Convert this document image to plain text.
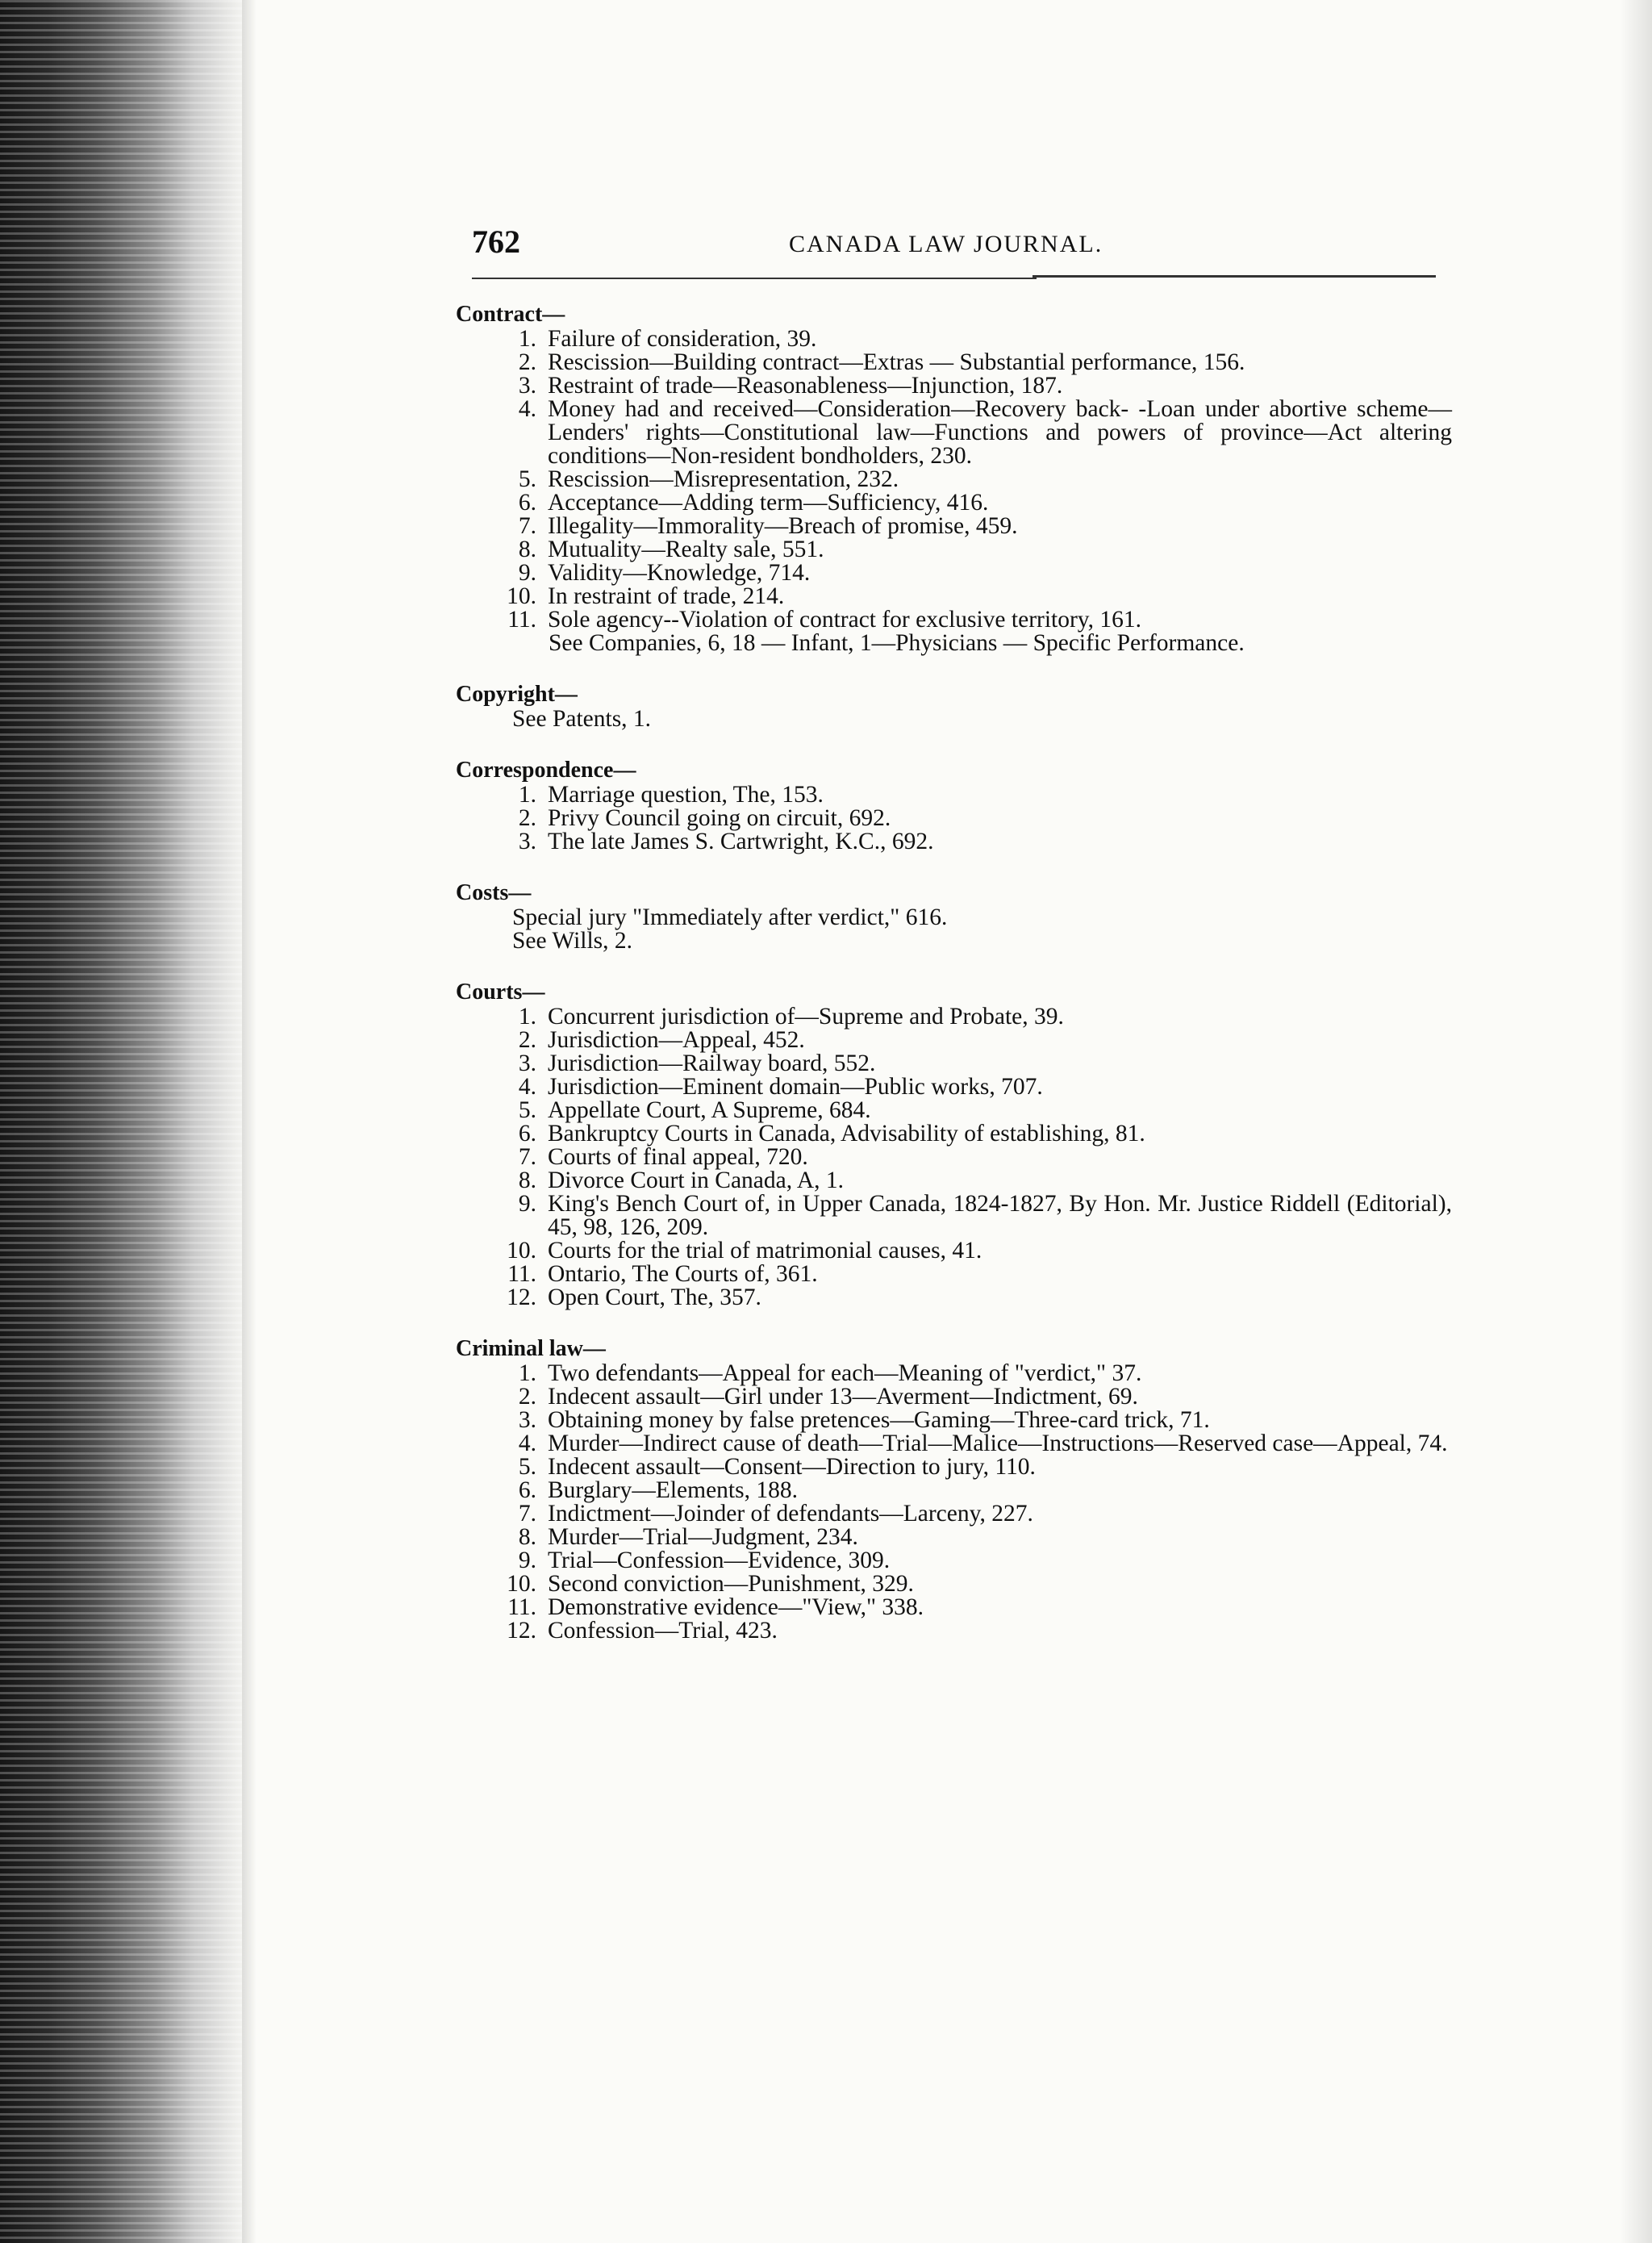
762	CANADA LAW JOURNAL.
Contract—
1. Failure of consideration, 39.
2. Rescission—Building contract—Extras — Substantial performance, 156.
3. Restraint of trade—Reasonableness—Injunction, 187.
4. Money had and received—Consideration—Recovery back- -Loan under abortive scheme—Lenders' rights—Constitutional law—Functions and powers of province—Act altering conditions—Non-resident bondholders, 230.
5. Rescission—Misrepresentation, 232.
6. Acceptance—Adding term—Sufficiency, 416.
7. Illegality—Immorality—Breach of promise, 459.
8. Mutuality—Realty sale, 551.
9. Validity—Knowledge, 714.
10. In restraint of trade, 214.
11. Sole agency--Violation of contract for exclusive territory, 161.
See Companies, 6, 18 — Infant, 1—Physicians — Specific Performance.
Copyright—
See Patents, 1.
Correspondence—
1. Marriage question, The, 153.
2. Privy Council going on circuit, 692.
3. The late James S. Cartwright, K.C., 692.
Costs—
Special jury "Immediately after verdict," 616.
See Wills, 2.
Courts—
1. Concurrent jurisdiction of—Supreme and Probate, 39.
2. Jurisdiction—Appeal, 452.
3. Jurisdiction—Railway board, 552.
4. Jurisdiction—Eminent domain—Public works, 707.
5. Appellate Court, A Supreme, 684.
6. Bankruptcy Courts in Canada, Advisability of establishing, 81.
7. Courts of final appeal, 720.
8. Divorce Court in Canada, A, 1.
9. King's Bench Court of, in Upper Canada, 1824-1827, By Hon. Mr. Justice Riddell (Editorial), 45, 98, 126, 209.
10. Courts for the trial of matrimonial causes, 41.
11. Ontario, The Courts of, 361.
12. Open Court, The, 357.
Criminal law—
1. Two defendants—Appeal for each—Meaning of "verdict," 37.
2. Indecent assault—Girl under 13—Averment—Indictment, 69.
3. Obtaining money by false pretences—Gaming—Three-card trick, 71.
4. Murder—Indirect cause of death—Trial—Malice—Instructions—Reserved case—Appeal, 74.
5. Indecent assault—Consent—Direction to jury, 110.
6. Burglary—Elements, 188.
7. Indictment—Joinder of defendants—Larceny, 227.
8. Murder—Trial—Judgment, 234.
9. Trial—Confession—Evidence, 309.
10. Second conviction—Punishment, 329.
11. Demonstrative evidence—"View," 338.
12. Confession—Trial, 423.
